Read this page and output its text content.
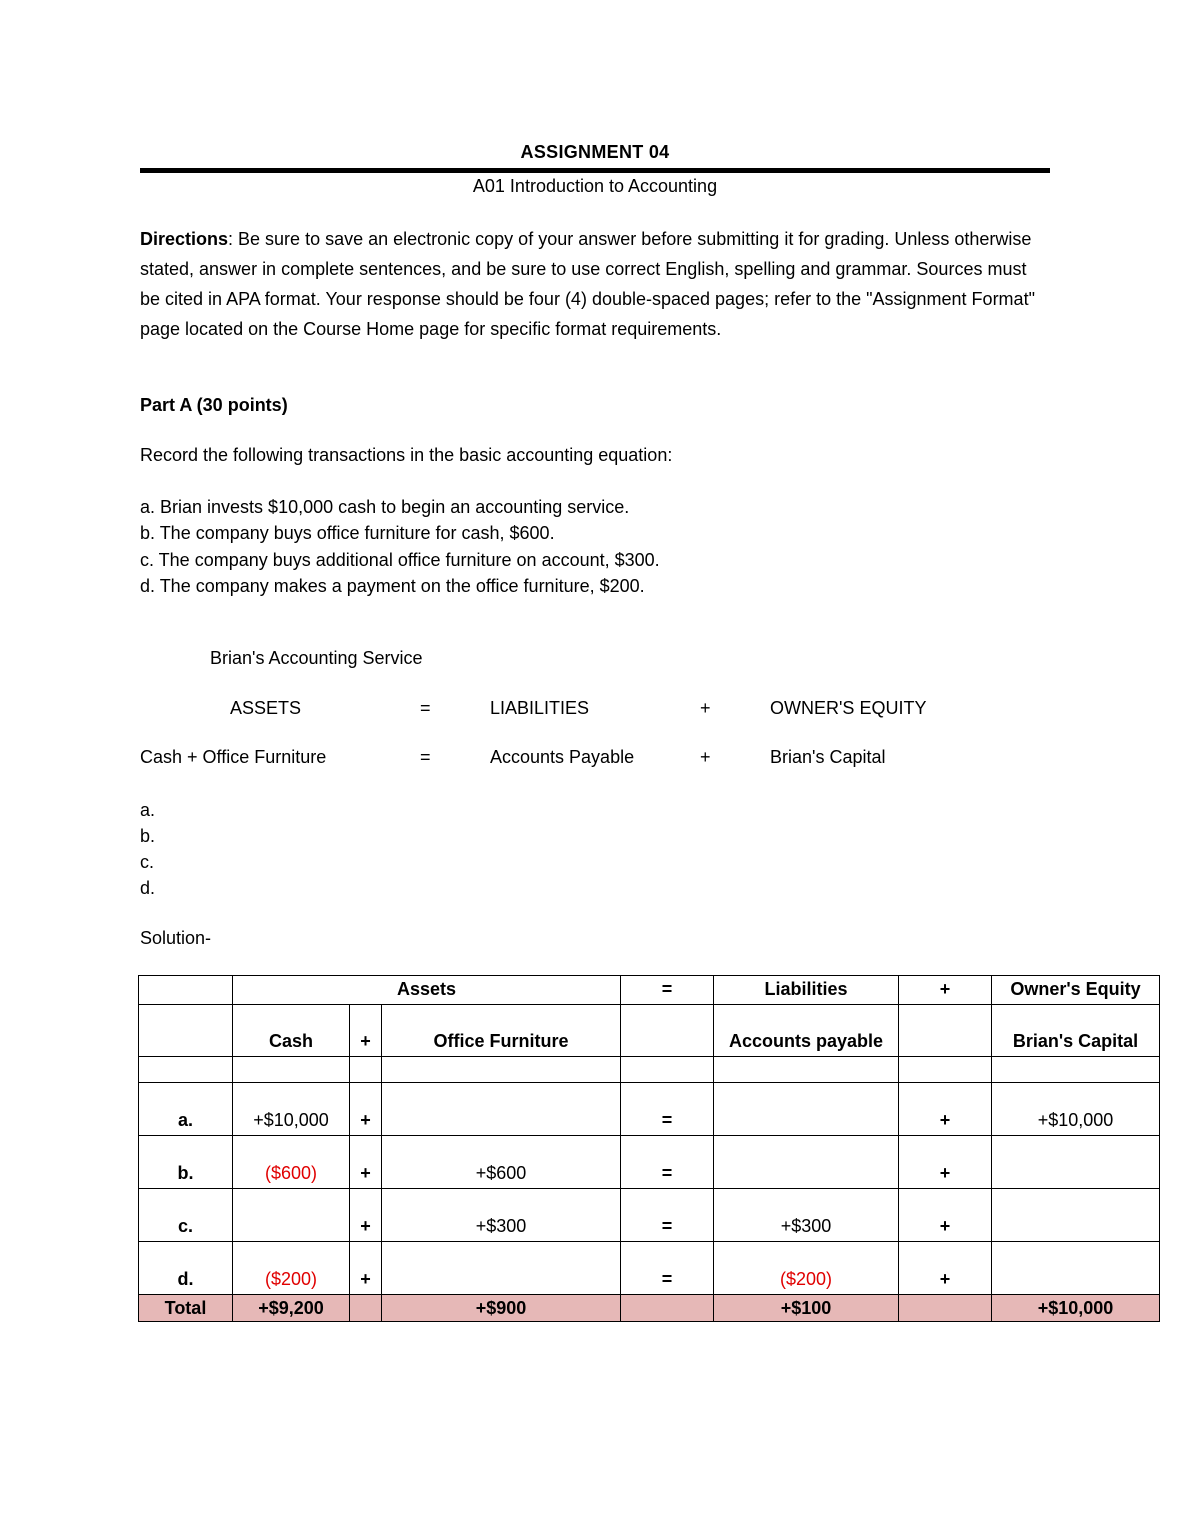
ASSIGNMENT 04
A01 Introduction to Accounting
Directions: Be sure to save an electronic copy of your answer before submitting it for grading. Unless otherwise stated, answer in complete sentences, and be sure to use correct English, spelling and grammar. Sources must be cited in APA format. Your response should be four (4) double-spaced pages; refer to the "Assignment Format" page located on the Course Home page for specific format requirements.
Part A (30 points)
Record the following transactions in the basic accounting equation:
a. Brian invests $10,000 cash to begin an accounting service.
b. The company buys office furniture for cash, $600.
c. The company buys additional office furniture on account, $300.
d. The company makes a payment on the office furniture, $200.
Brian's Accounting Service
ASSETS	=	LIABILITIES	+	OWNER'S EQUITY
Cash + Office Furniture	=	Accounts Payable	+	Brian's Capital
a.
b.
c.
d.
Solution-
	Assets			=	Liabilities	+	Owner's Equity
	Cash	+	Office Furniture		Accounts payable		Brian's Capital

a.	+$10,000	+		=		+	+$10,000
b.	($600)	+	+$600	=		+	
c.		+	+$300	=	+$300	+	
d.	($200)	+		=	($200)	+	
Total	+$9,200		+$900		+$100		+$10,000
